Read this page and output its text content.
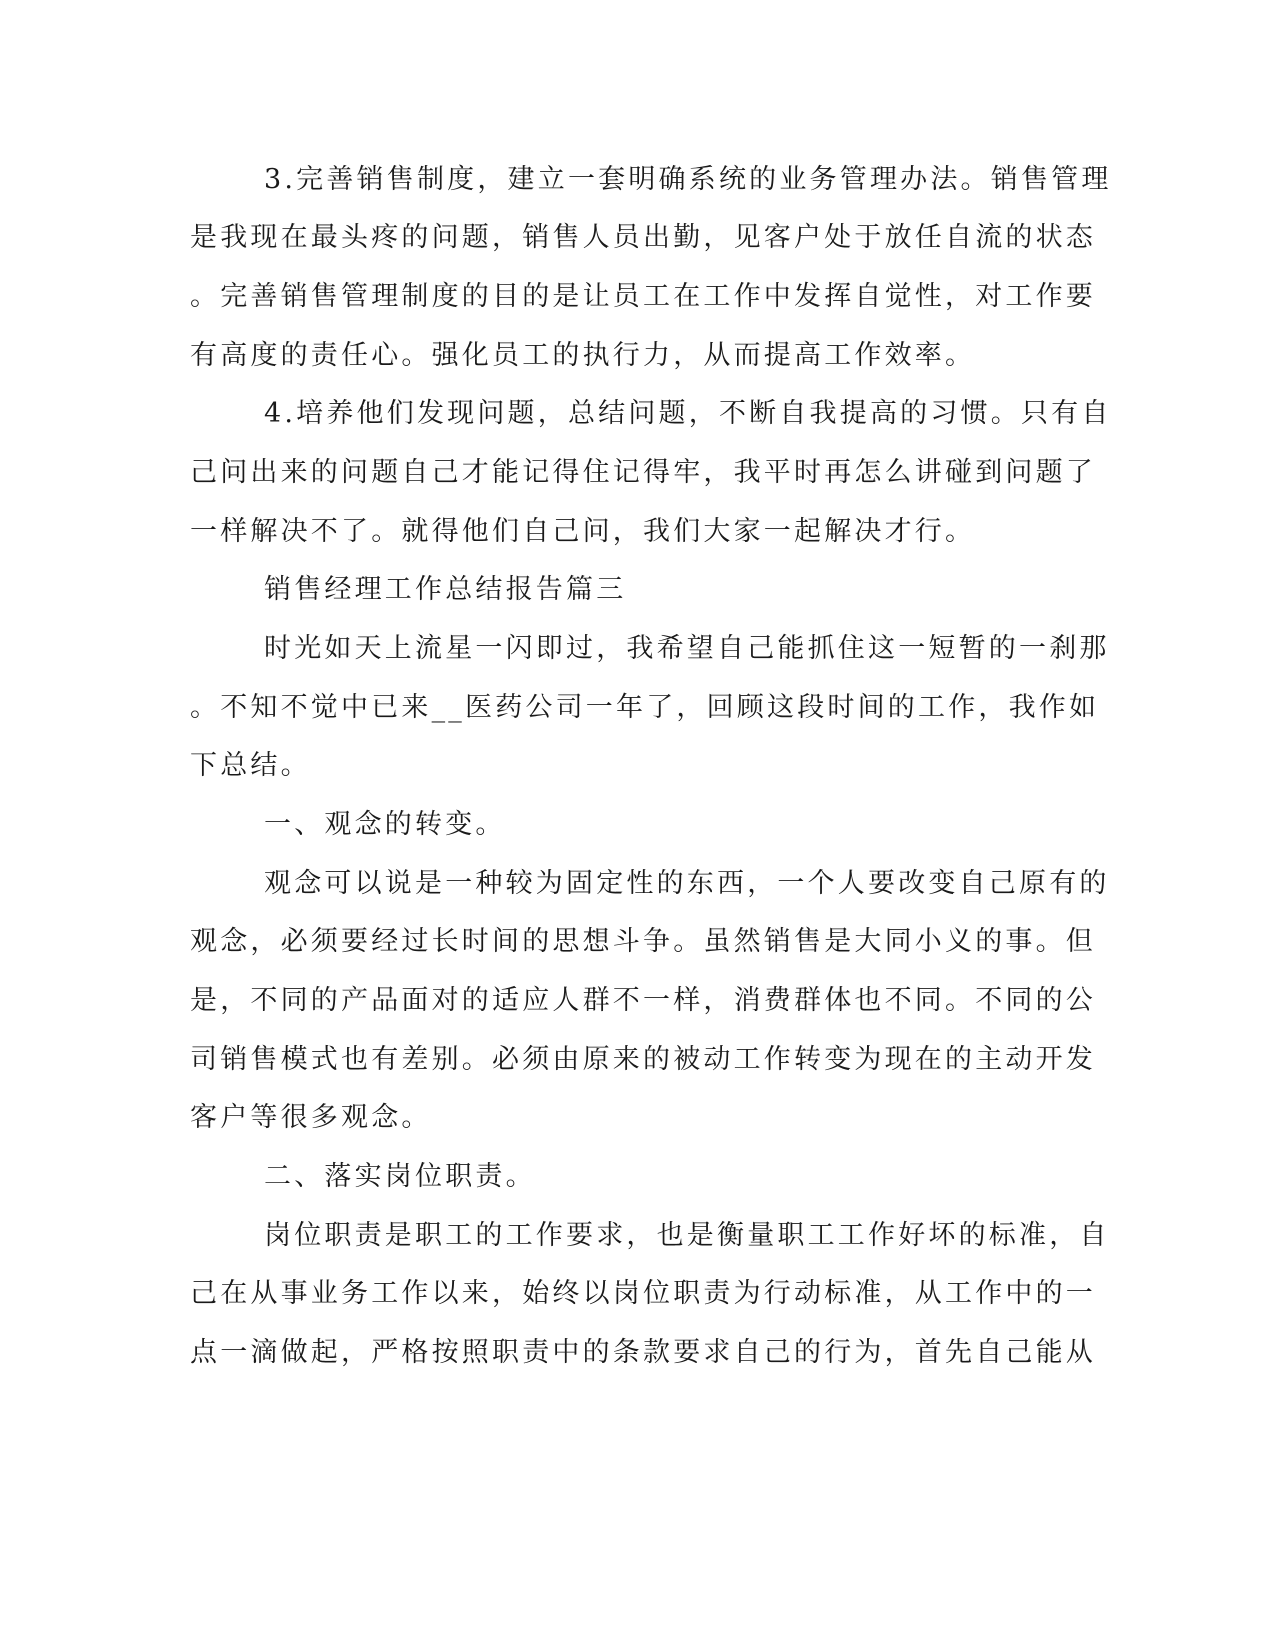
3.完善销售制度，建立一套明确系统的业务管理办法。销售管理
是我现在最头疼的问题，销售人员出勤，见客户处于放任自流的状态
。完善销售管理制度的目的是让员工在工作中发挥自觉性，对工作要
有高度的责任心。强化员工的执行力，从而提高工作效率。
4.培养他们发现问题，总结问题，不断自我提高的习惯。只有自
己问出来的问题自己才能记得住记得牢，我平时再怎么讲碰到问题了
一样解决不了。就得他们自己问，我们大家一起解决才行。
销售经理工作总结报告篇三
时光如天上流星一闪即过，我希望自己能抓住这一短暂的一刹那
。不知不觉中已来__医药公司一年了，回顾这段时间的工作，我作如
下总结。
一、观念的转变。
观念可以说是一种较为固定性的东西，一个人要改变自己原有的
观念，必须要经过长时间的思想斗争。虽然销售是大同小义的事。但
是，不同的产品面对的适应人群不一样，消费群体也不同。不同的公
司销售模式也有差别。必须由原来的被动工作转变为现在的主动开发
客户等很多观念。
二、落实岗位职责。
岗位职责是职工的工作要求，也是衡量职工工作好坏的标准，自
己在从事业务工作以来，始终以岗位职责为行动标准，从工作中的一
点一滴做起，严格按照职责中的条款要求自己的行为，首先自己能从
